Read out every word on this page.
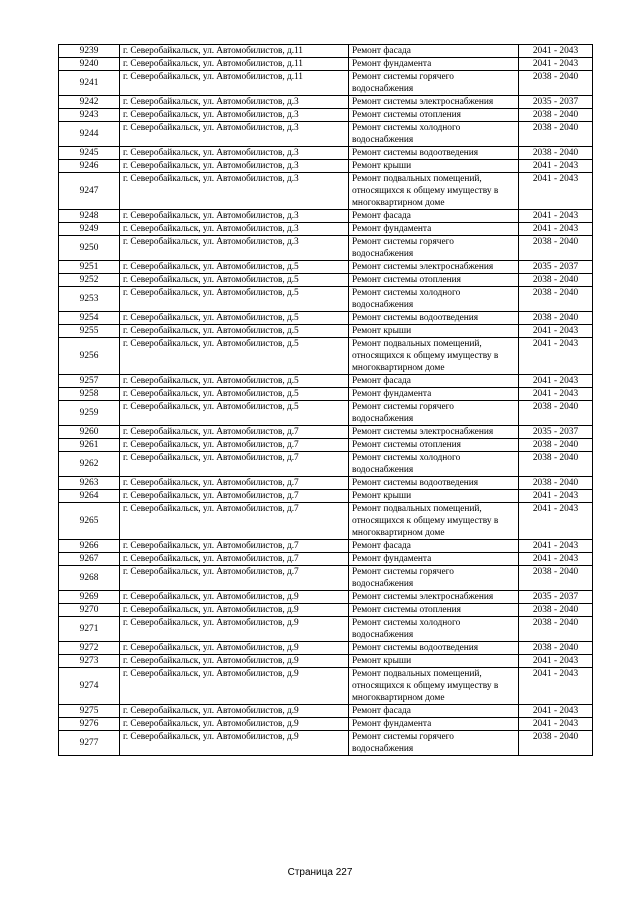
9239	г. Северобайкальск, ул. Автомобилистов, д.11	Ремонт фасада	2041 - 2043
9240	г. Северобайкальск, ул. Автомобилистов, д.11	Ремонт фундамента	2041 - 2043
9241	г. Северобайкальск, ул. Автомобилистов, д.11	Ремонт системы горячего водоснабжения	2038 - 2040
9242	г. Северобайкальск, ул. Автомобилистов, д.3	Ремонт системы электроснабжения	2035 - 2037
9243	г. Северобайкальск, ул. Автомобилистов, д.3	Ремонт системы отопления	2038 - 2040
9244	г. Северобайкальск, ул. Автомобилистов, д.3	Ремонт системы холодного водоснабжения	2038 - 2040
9245	г. Северобайкальск, ул. Автомобилистов, д.3	Ремонт системы водоотведения	2038 - 2040
9246	г. Северобайкальск, ул. Автомобилистов, д.3	Ремонт крыши	2041 - 2043
9247	г. Северобайкальск, ул. Автомобилистов, д.3	Ремонт подвальных помещений, относящихся к общему имуществу в многоквартирном доме	2041 - 2043
9248	г. Северобайкальск, ул. Автомобилистов, д.3	Ремонт фасада	2041 - 2043
9249	г. Северобайкальск, ул. Автомобилистов, д.3	Ремонт фундамента	2041 - 2043
9250	г. Северобайкальск, ул. Автомобилистов, д.3	Ремонт системы горячего водоснабжения	2038 - 2040
9251	г. Северобайкальск, ул. Автомобилистов, д.5	Ремонт системы электроснабжения	2035 - 2037
9252	г. Северобайкальск, ул. Автомобилистов, д.5	Ремонт системы отопления	2038 - 2040
9253	г. Северобайкальск, ул. Автомобилистов, д.5	Ремонт системы холодного водоснабжения	2038 - 2040
9254	г. Северобайкальск, ул. Автомобилистов, д.5	Ремонт системы водоотведения	2038 - 2040
9255	г. Северобайкальск, ул. Автомобилистов, д.5	Ремонт крыши	2041 - 2043
9256	г. Северобайкальск, ул. Автомобилистов, д.5	Ремонт подвальных помещений, относящихся к общему имуществу в многоквартирном доме	2041 - 2043
9257	г. Северобайкальск, ул. Автомобилистов, д.5	Ремонт фасада	2041 - 2043
9258	г. Северобайкальск, ул. Автомобилистов, д.5	Ремонт фундамента	2041 - 2043
9259	г. Северобайкальск, ул. Автомобилистов, д.5	Ремонт системы горячего водоснабжения	2038 - 2040
9260	г. Северобайкальск, ул. Автомобилистов, д.7	Ремонт системы электроснабжения	2035 - 2037
9261	г. Северобайкальск, ул. Автомобилистов, д.7	Ремонт системы отопления	2038 - 2040
9262	г. Северобайкальск, ул. Автомобилистов, д.7	Ремонт системы холодного водоснабжения	2038 - 2040
9263	г. Северобайкальск, ул. Автомобилистов, д.7	Ремонт системы водоотведения	2038 - 2040
9264	г. Северобайкальск, ул. Автомобилистов, д.7	Ремонт крыши	2041 - 2043
9265	г. Северобайкальск, ул. Автомобилистов, д.7	Ремонт подвальных помещений, относящихся к общему имуществу в многоквартирном доме	2041 - 2043
9266	г. Северобайкальск, ул. Автомобилистов, д.7	Ремонт фасада	2041 - 2043
9267	г. Северобайкальск, ул. Автомобилистов, д.7	Ремонт фундамента	2041 - 2043
9268	г. Северобайкальск, ул. Автомобилистов, д.7	Ремонт системы горячего водоснабжения	2038 - 2040
9269	г. Северобайкальск, ул. Автомобилистов, д.9	Ремонт системы электроснабжения	2035 - 2037
9270	г. Северобайкальск, ул. Автомобилистов, д.9	Ремонт системы отопления	2038 - 2040
9271	г. Северобайкальск, ул. Автомобилистов, д.9	Ремонт системы холодного водоснабжения	2038 - 2040
9272	г. Северобайкальск, ул. Автомобилистов, д.9	Ремонт системы водоотведения	2038 - 2040
9273	г. Северобайкальск, ул. Автомобилистов, д.9	Ремонт крыши	2041 - 2043
9274	г. Северобайкальск, ул. Автомобилистов, д.9	Ремонт подвальных помещений, относящихся к общему имуществу в многоквартирном доме	2041 - 2043
9275	г. Северобайкальск, ул. Автомобилистов, д.9	Ремонт фасада	2041 - 2043
9276	г. Северобайкальск, ул. Автомобилистов, д.9	Ремонт фундамента	2041 - 2043
9277	г. Северобайкальск, ул. Автомобилистов, д.9	Ремонт системы горячего водоснабжения	2038 - 2040
Страница 227
